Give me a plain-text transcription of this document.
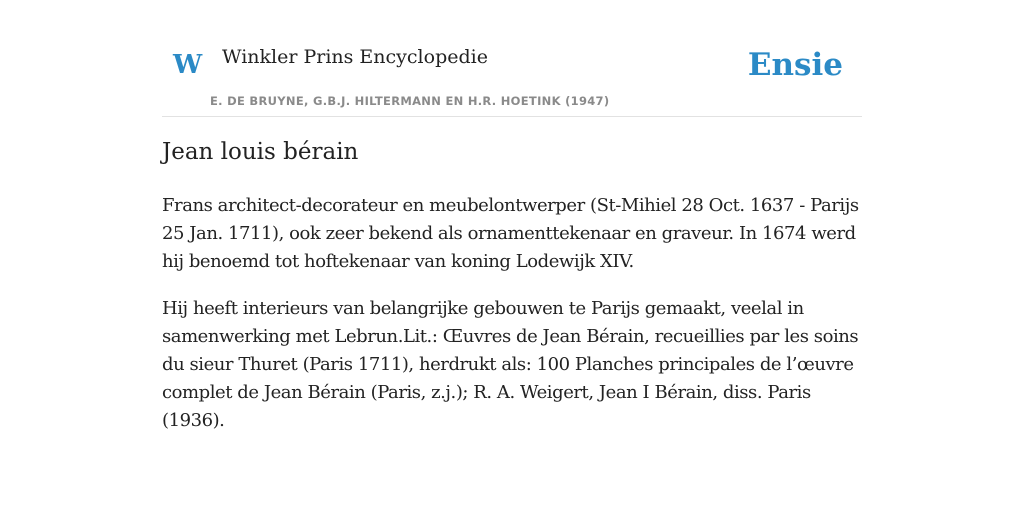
W Winkler Prins Encyclopedie
E. DE BRUYNE, G.B.J. HILTERMANN EN H.R. HOETINK (1947)
Ensie
Jean louis bérain

Frans architect-decorateur en meubelontwerper (St-Mihiel 28 Oct. 1637 - Parijs 25 Jan. 1711), ook zeer bekend als ornamenttekenaar en graveur. In 1674 werd hij benoemd tot hoftekenaar van koning Lodewijk XIV.

Hij heeft interieurs van belangrijke gebouwen te Parijs gemaakt, veelal in samenwerking met Lebrun.Lit.: Œuvres de Jean Bérain, recueillies par les soins du sieur Thuret (Paris 1711), herdrukt als: 100 Planches principales de l’œuvre complet de Jean Bérain (Paris, z.j.); R. A. Weigert, Jean I Bérain, diss. Paris (1936).
